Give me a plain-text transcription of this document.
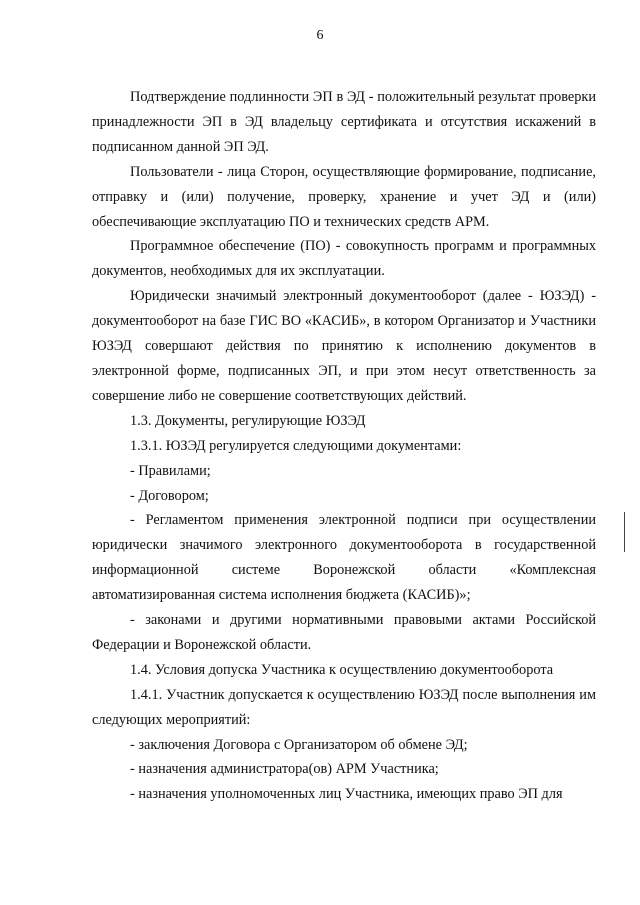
6

Подтверждение подлинности ЭП в ЭД - положительный результат проверки принадлежности ЭП в ЭД владельцу сертификата и отсутствия искажений в подписанном данной ЭП ЭД.

Пользователи - лица Сторон, осуществляющие формирование, подписание, отправку и (или) получение, проверку, хранение и учет ЭД и (или) обеспечивающие эксплуатацию ПО и технических средств АРМ.

Программное обеспечение (ПО) - совокупность программ и программных документов, необходимых для их эксплуатации.

Юридически значимый электронный документооборот (далее - ЮЗЭД) - документооборот на базе ГИС ВО «КАСИБ», в котором Организатор и Участники ЮЗЭД совершают действия по принятию к исполнению документов в электронной форме, подписанных ЭП, и при этом несут ответственность за совершение либо не совершение соответствующих действий.

1.3. Документы, регулирующие ЮЗЭД

1.3.1. ЮЗЭД регулируется следующими документами:

- Правилами;

- Договором;

- Регламентом применения электронной подписи при осуществлении юридически значимого электронного документооборота в государственной информационной системе Воронежской области «Комплексная автоматизированная система исполнения бюджета (КАСИБ)»;

- законами и другими нормативными правовыми актами Российской Федерации и Воронежской области.

1.4. Условия допуска Участника к осуществлению документооборота

1.4.1. Участник допускается к осуществлению ЮЗЭД после выполнения им следующих мероприятий:

- заключения Договора с Организатором об обмене ЭД;

- назначения администратора(ов) АРМ Участника;

- назначения уполномоченных лиц Участника, имеющих право ЭП для
